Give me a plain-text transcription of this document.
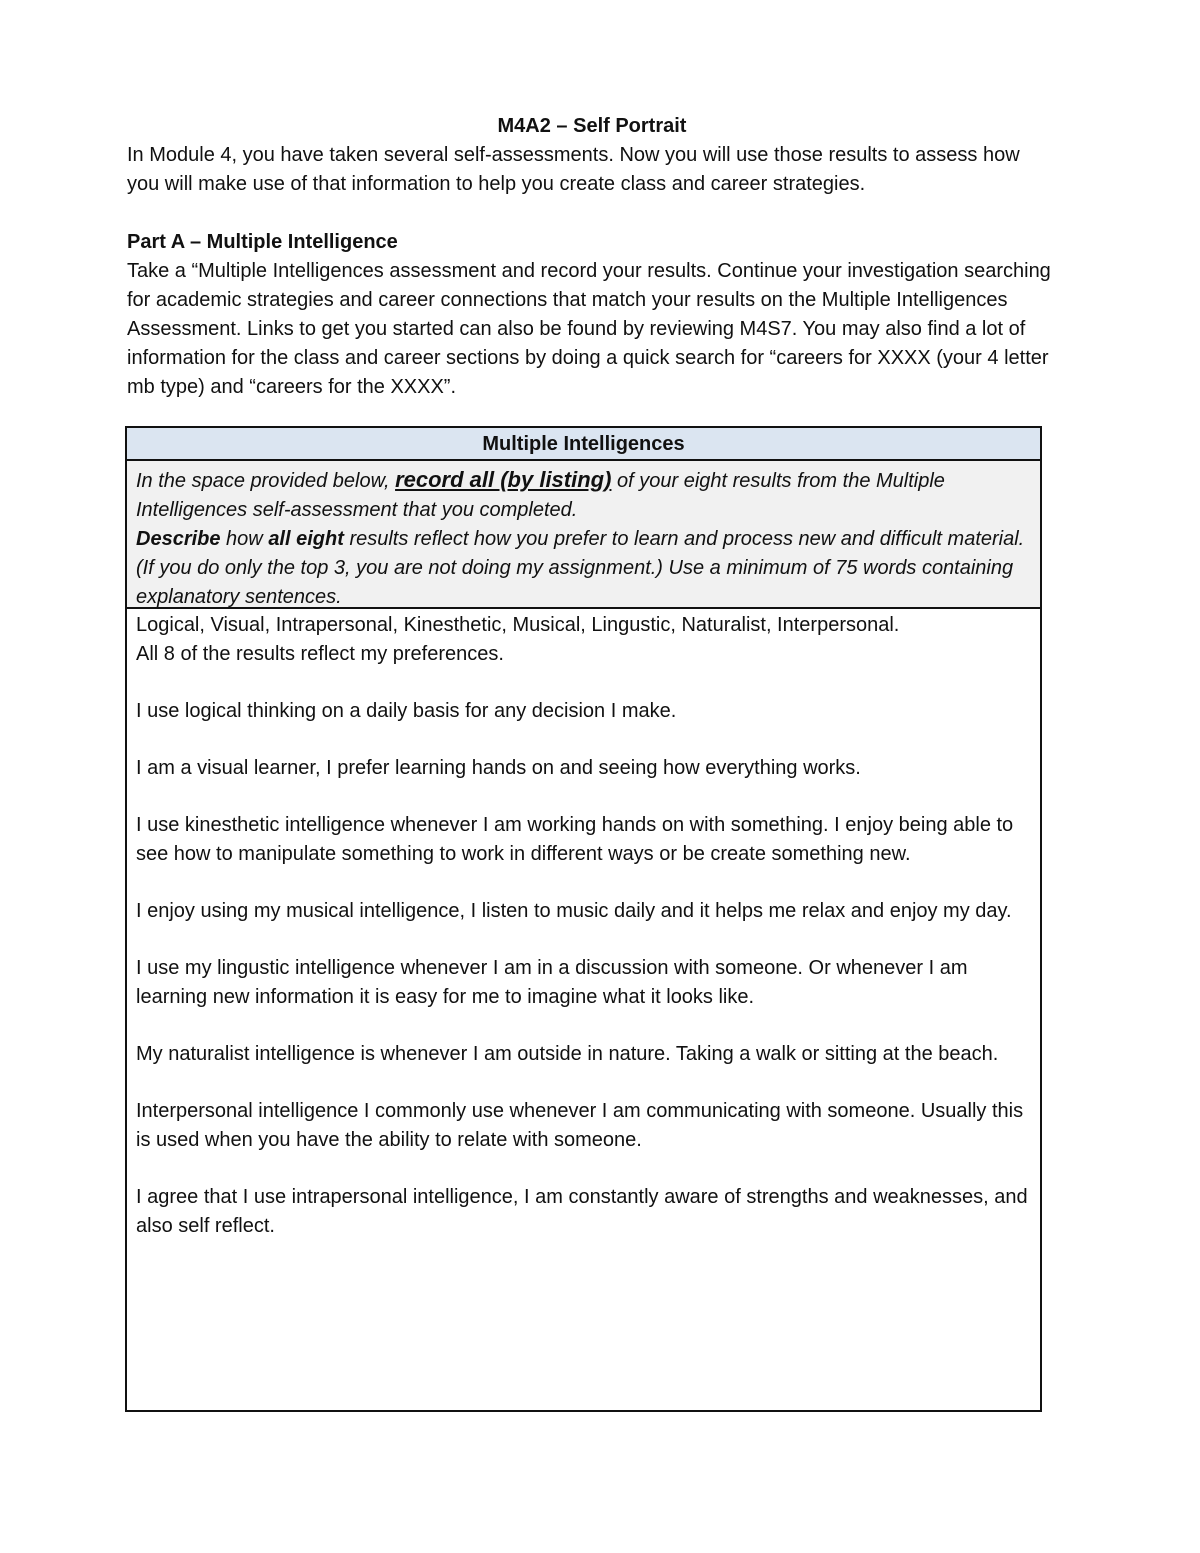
M4A2 – Self Portrait

In Module 4, you have taken several self-assessments. Now you will use those results to assess how you will make use of that information to help you create class and career strategies.

Part A – Multiple Intelligence

Take a “Multiple Intelligences assessment and record your results. Continue your investigation searching for academic strategies and career connections that match your results on the Multiple Intelligences Assessment. Links to get you started can also be found by reviewing M4S7. You may also find a lot of information for the class and career sections by doing a quick search for “careers for XXXX (your 4 letter mb type) and “careers for the XXXX”.

Multiple Intelligences
In the space provided below, record all (by listing) of your eight results from the Multiple Intelligences self-assessment that you completed.
Describe how all eight results reflect how you prefer to learn and process new and difficult material. (If you do only the top 3, you are not doing my assignment.) Use a minimum of 75 words containing explanatory sentences.

Logical, Visual, Intrapersonal, Kinesthetic, Musical, Lingustic, Naturalist, Interpersonal.

All 8 of the results reflect my preferences.

I use logical thinking on a daily basis for any decision I make.

I am a visual learner, I prefer learning hands on and seeing how everything works.

I use kinesthetic intelligence whenever I am working hands on with something. I enjoy being able to see how to manipulate something to work in different ways or be create something new.

I enjoy using my musical intelligence, I listen to music daily and it helps me relax and enjoy my day.

I use my lingustic intelligence whenever I am in a discussion with someone. Or whenever I am learning new information it is easy for me to imagine what it looks like.

My naturalist intelligence is whenever I am outside in nature. Taking a walk or sitting at the beach.

Interpersonal intelligence I commonly use whenever I am communicating with someone. Usually this is used when you have the ability to relate with someone.

I agree that I use intrapersonal intelligence, I am constantly aware of strengths and weaknesses, and also self reflect.
